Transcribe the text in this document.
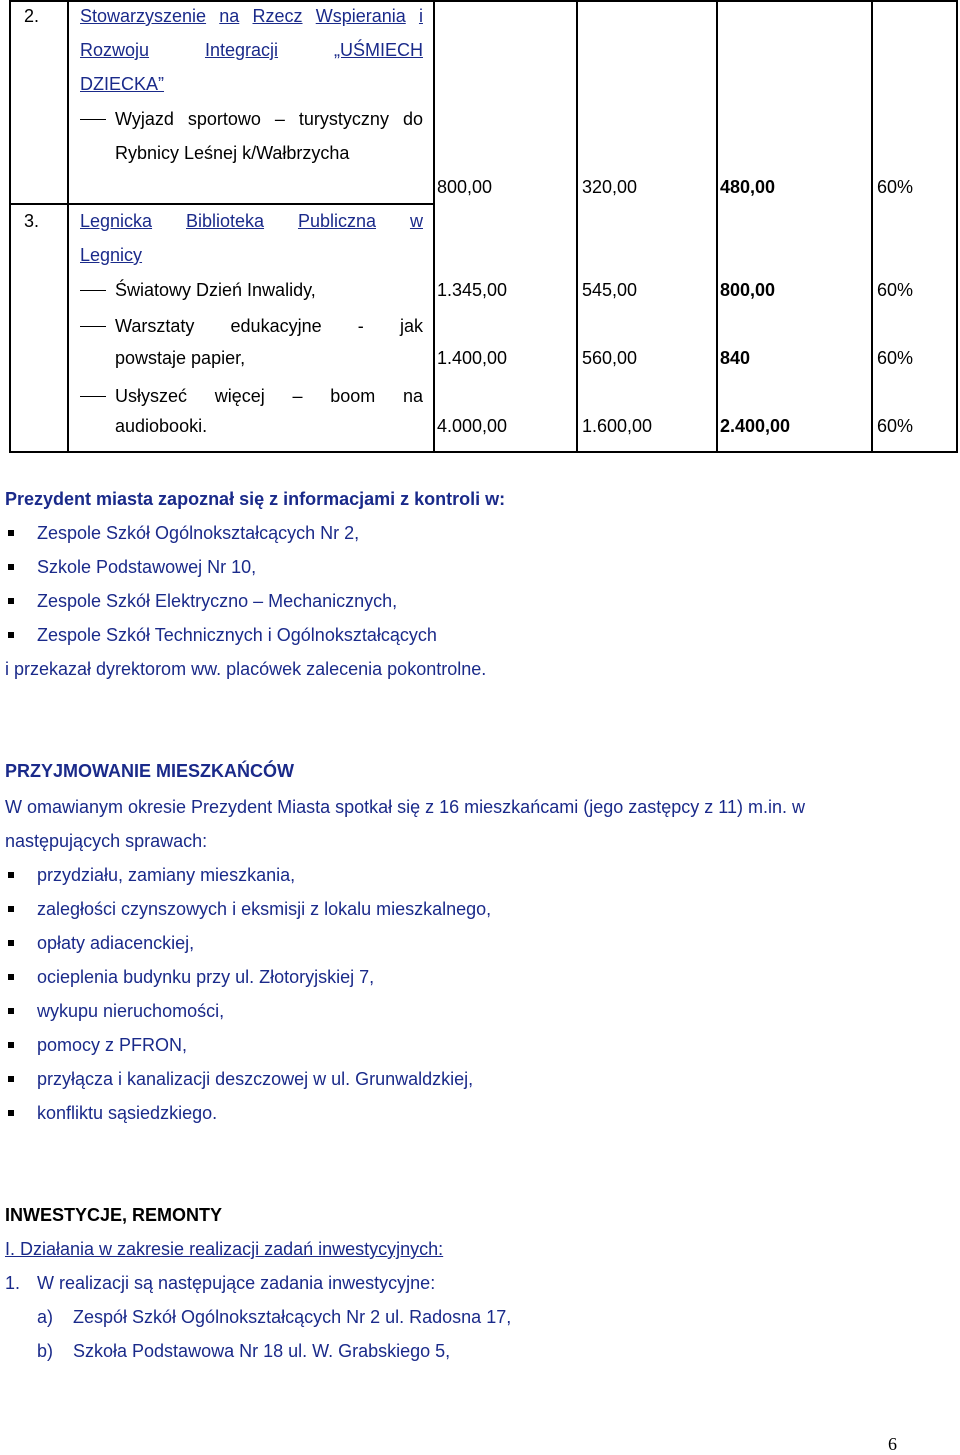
2. Stowarzyszenie na Rzecz Wspierania i
Rozwoju	Integracji	„UŚMIECH
DZIECKA”
Wyjazd sportowo – turystyczny do
Rybnicy Leśnej k/Wałbrzycha
800,00	320,00	480,00	60%
3. Legnicka Biblioteka Publiczna w
Legnicy
Światowy Dzień Inwalidy,	1.345,00	545,00	800,00	60%
Warsztaty edukacyjne - jak
powstaje papier,	1.400,00	560,00	840	60%
Usłyszeć więcej – boom na
audiobooki.	4.000,00	1.600,00	2.400,00	60%
Prezydent miasta zapoznał się z informacjami z kontroli w:
Zespole Szkół Ogólnokształcących Nr 2,
Szkole Podstawowej Nr 10,
Zespole Szkół Elektryczno – Mechanicznych,
Zespole Szkół Technicznych i Ogólnokształcących
i przekazał dyrektorom ww. placówek zalecenia pokontrolne.
PRZYJMOWANIE MIESZKAŃCÓW
W omawianym okresie Prezydent Miasta spotkał się z 16 mieszkańcami (jego zastępcy z 11) m.in. w
następujących sprawach:
przydziału, zamiany mieszkania,
zaległości czynszowych i eksmisji z lokalu mieszkalnego,
opłaty adiacenckiej,
ocieplenia budynku przy ul. Złotoryjskiej 7,
wykupu nieruchomości,
pomocy z PFRON,
przyłącza i kanalizacji deszczowej w ul. Grunwaldzkiej,
konfliktu sąsiedzkiego.
INWESTYCJE, REMONTY
I. Działania w zakresie realizacji zadań inwestycyjnych:
1. W realizacji są następujące zadania inwestycyjne:
a) Zespół Szkół Ogólnokształcących Nr 2 ul. Radosna 17,
b) Szkoła Podstawowa Nr 18 ul. W. Grabskiego 5,
6
